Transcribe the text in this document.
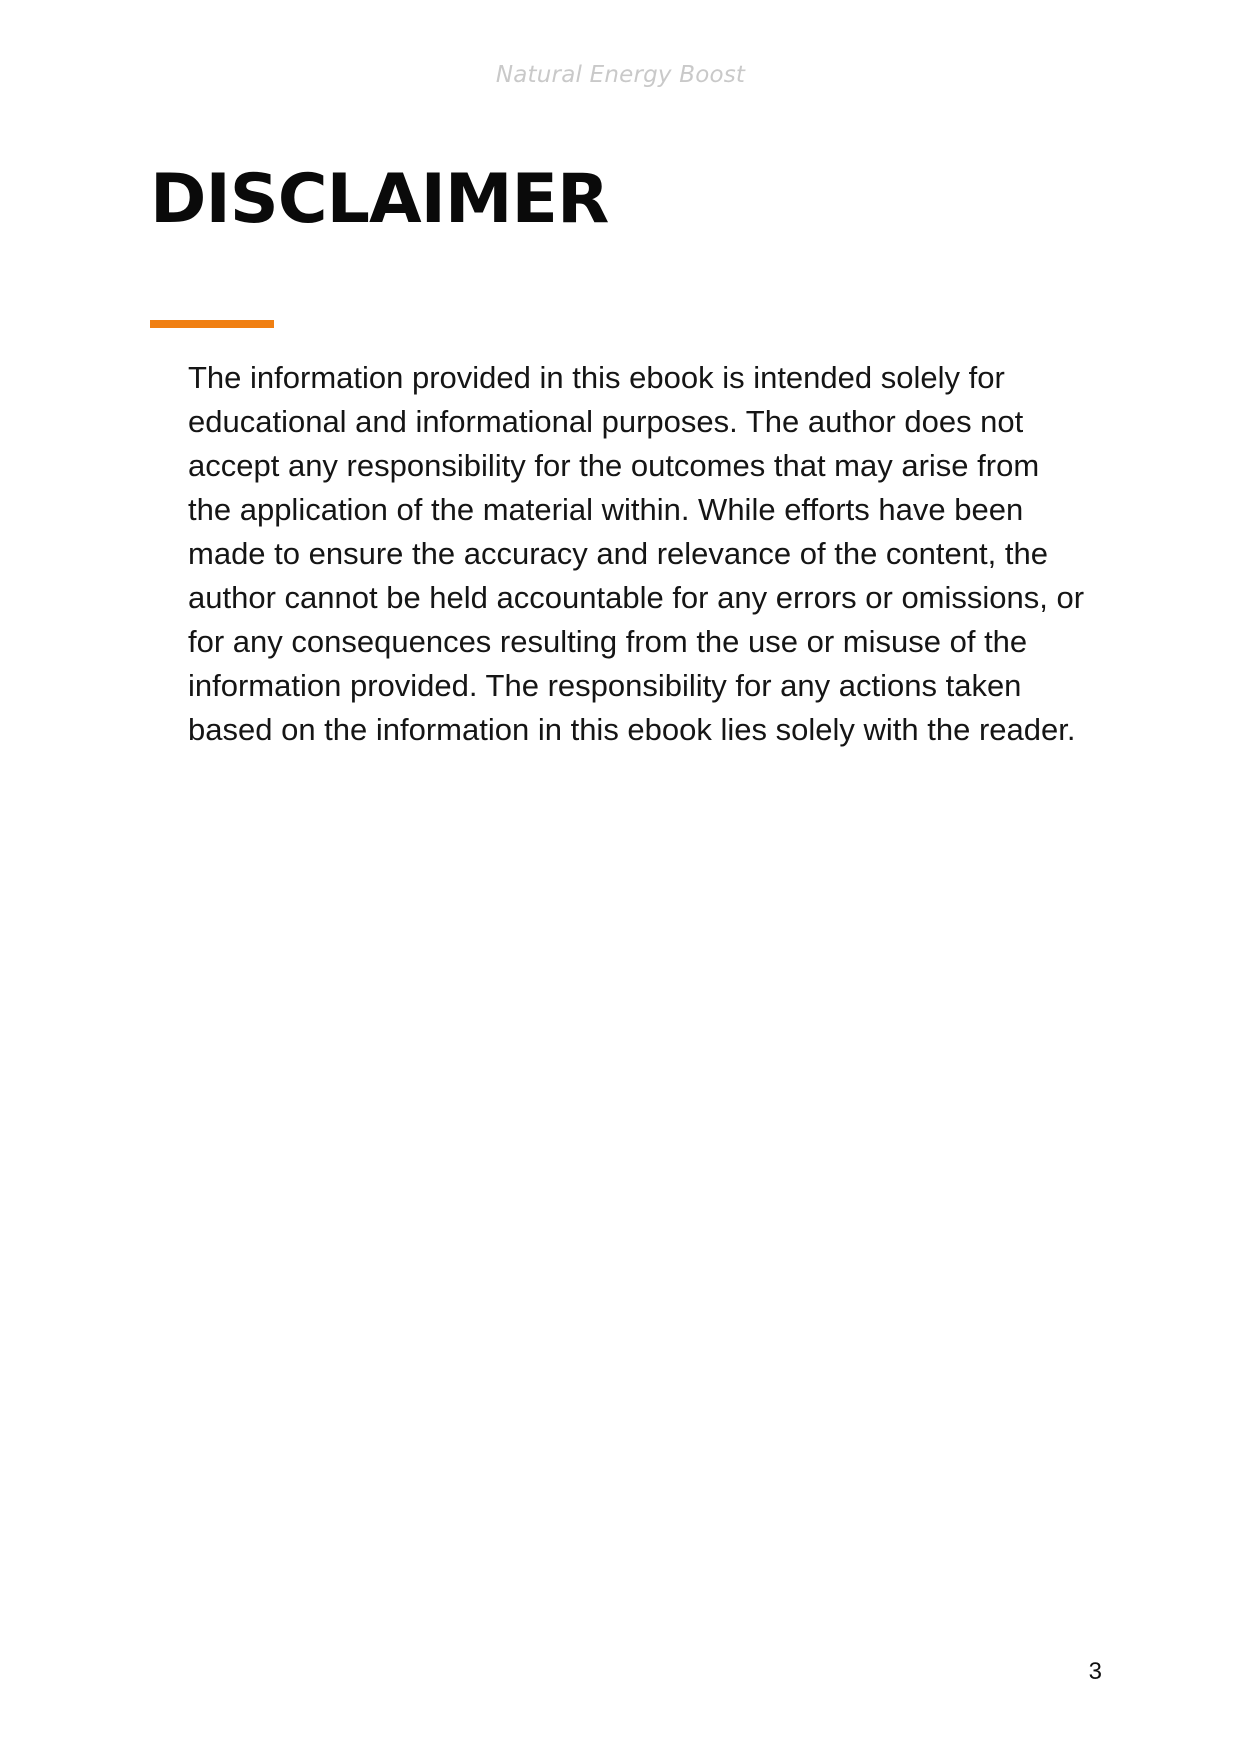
Natural Energy Boost
DISCLAIMER

The information provided in this ebook is intended solely for educational and informational purposes. The author does not accept any responsibility for the outcomes that may arise from the application of the material within. While efforts have been made to ensure the accuracy and relevance of the content, the author cannot be held accountable for any errors or omissions, or for any consequences resulting from the use or misuse of the information provided. The responsibility for any actions taken based on the information in this ebook lies solely with the reader.

3
